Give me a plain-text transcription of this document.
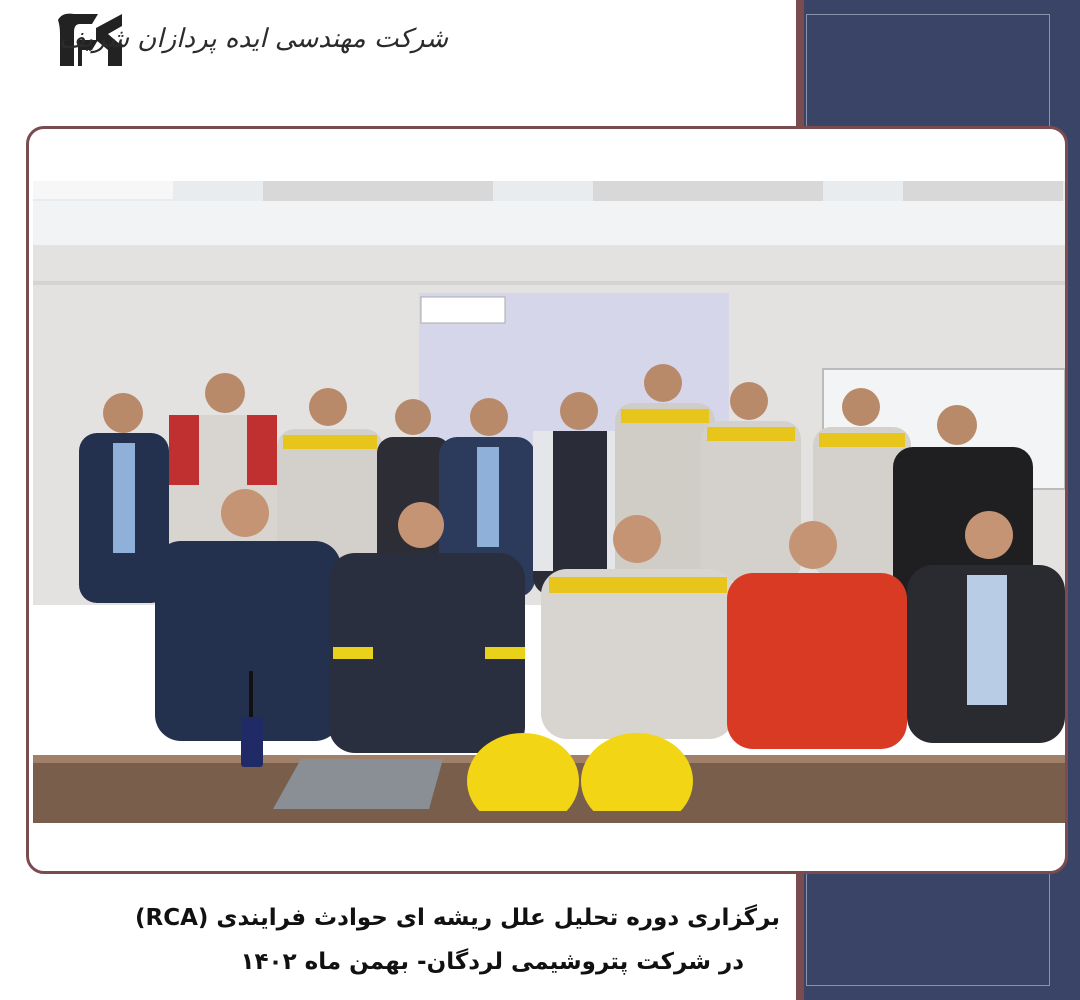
شرکت مهندسی ایده پردازان شریف
برگزاری دوره تحلیل علل ریشه ای حوادث فرایندی (RCA)
در شرکت پتروشیمی لردگان- بهمن ماه ۱۴۰۲
